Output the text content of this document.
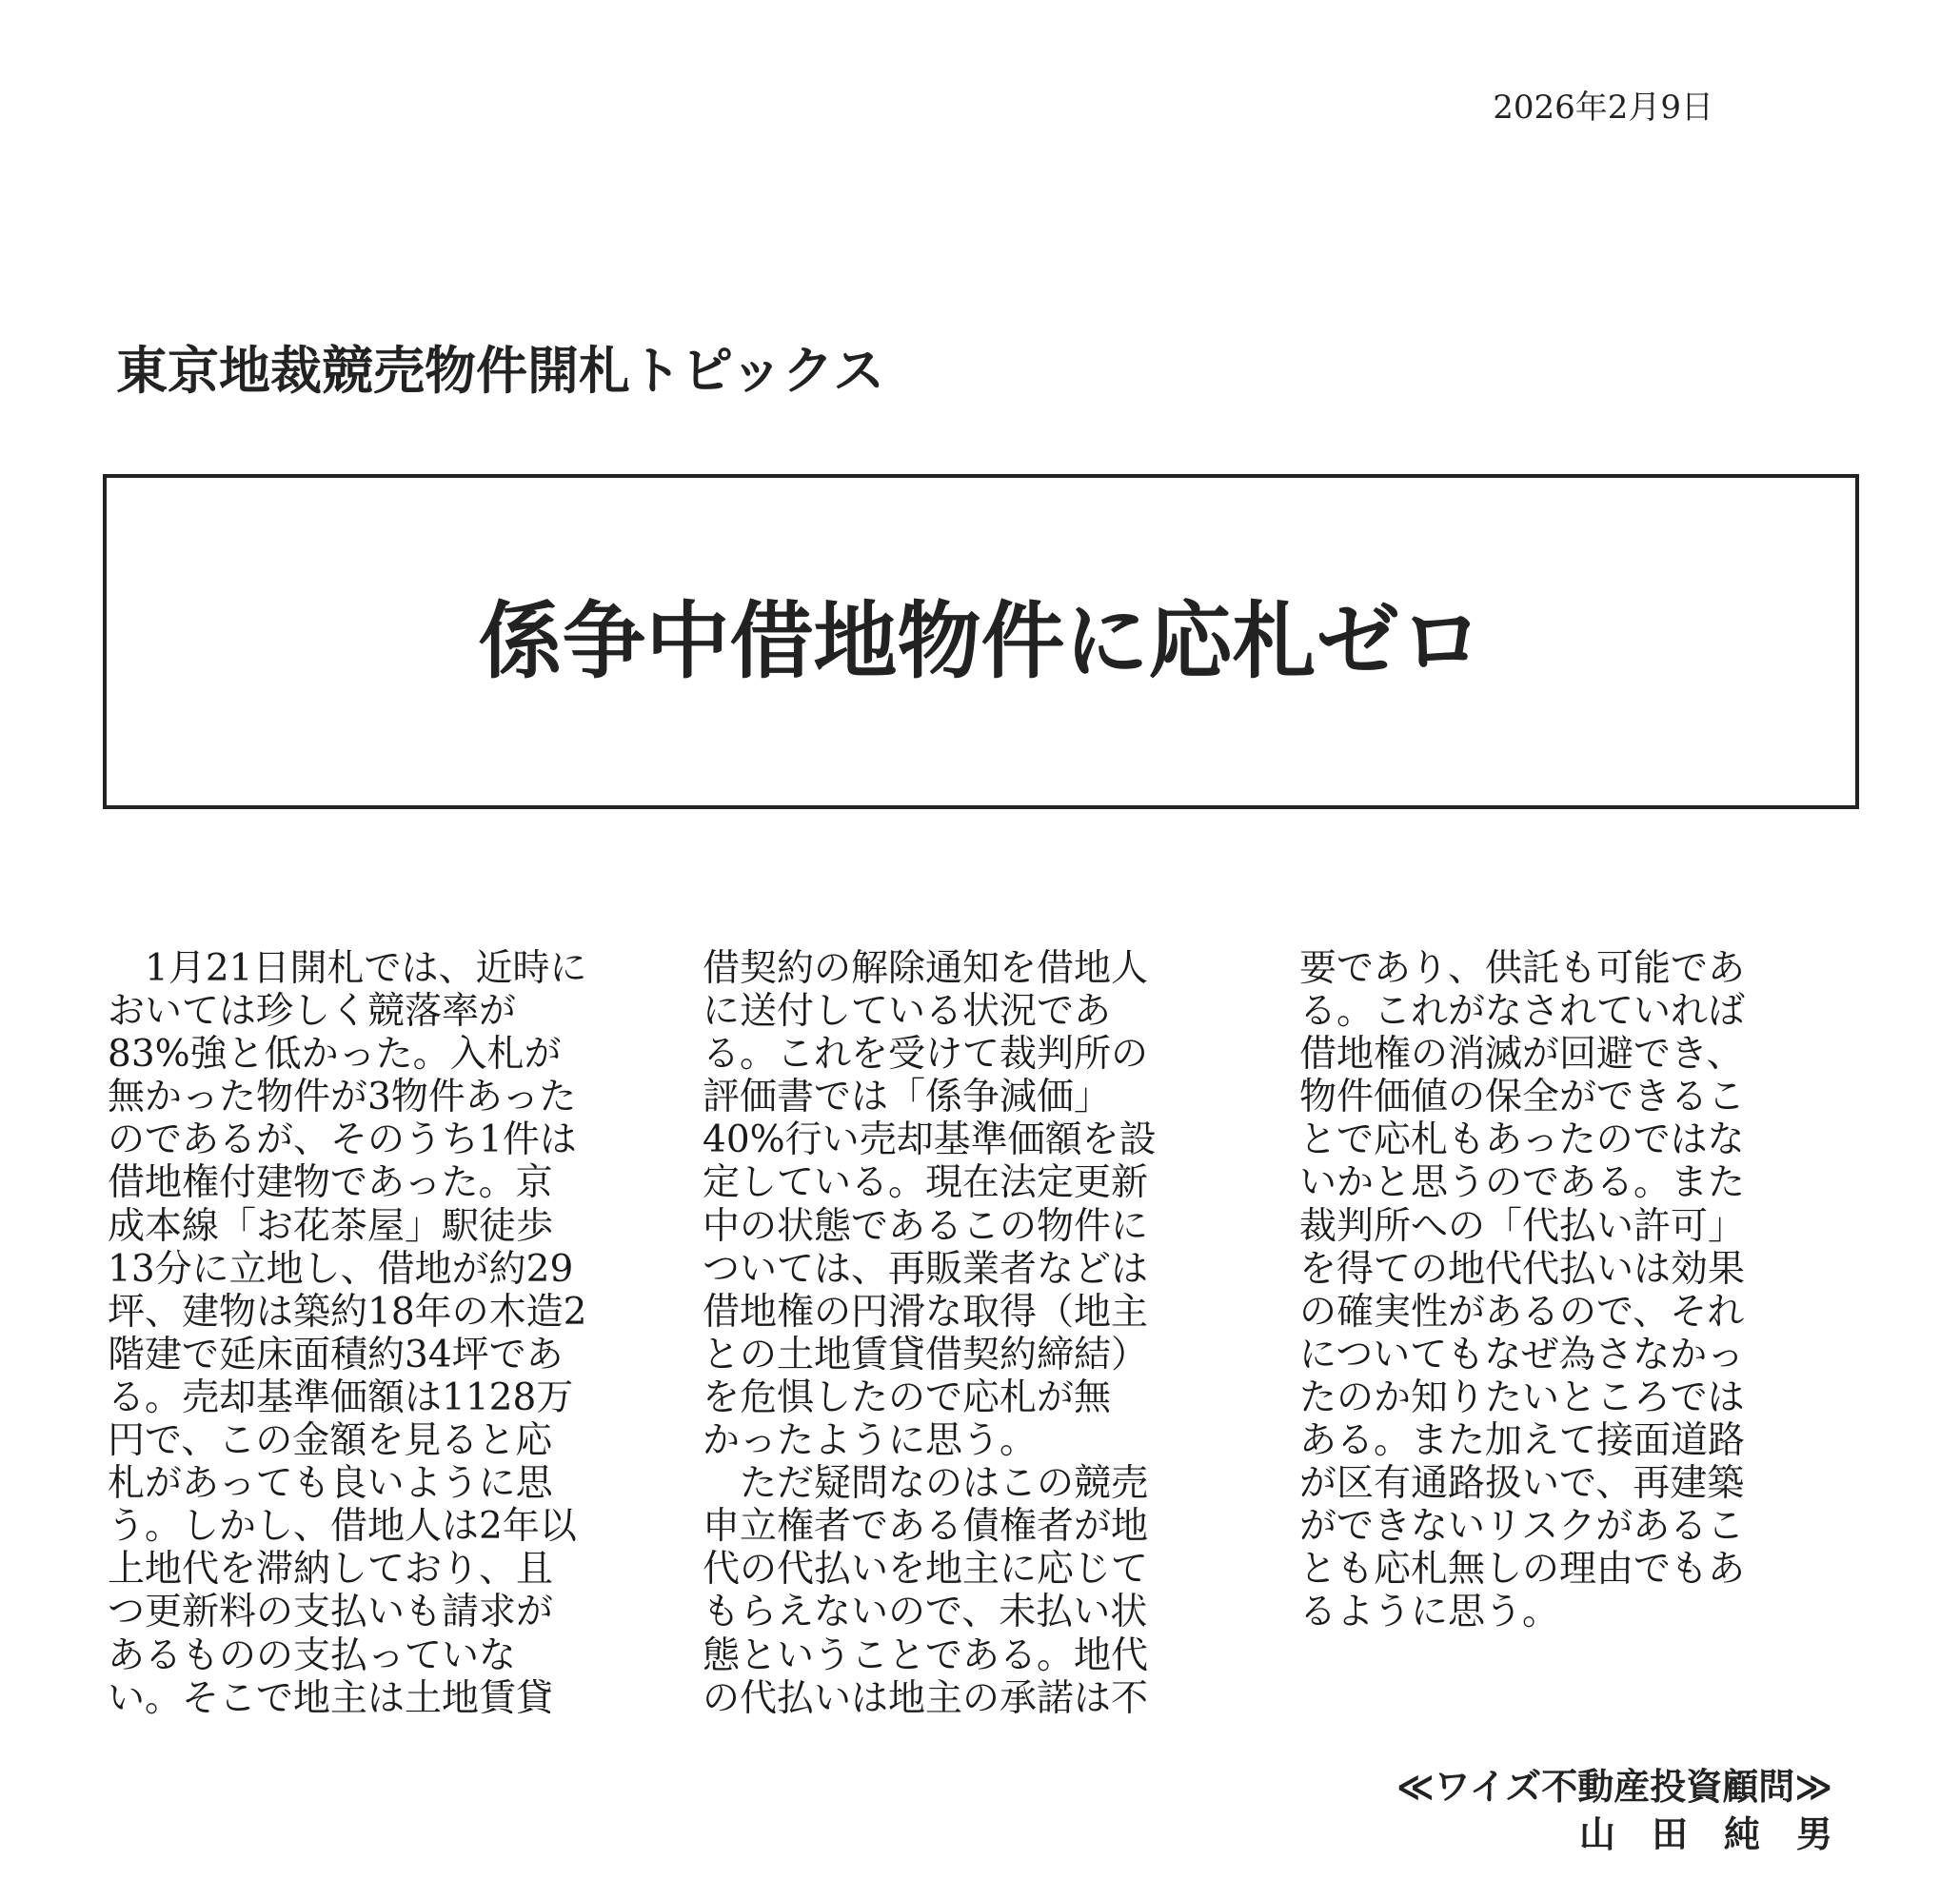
2026年2月9日
東京地裁競売物件開札トピックス
係争中借地物件に応札ゼロ
　1月21日開札では、近時に
おいては珍しく競落率が
83%強と低かった。入札が
無かった物件が3物件あった
のであるが、そのうち1件は
借地権付建物であった。京
成本線「お花茶屋」駅徒歩
13分に立地し、借地が約29
坪、建物は築約18年の木造2
階建で延床面積約34坪であ
る。売却基準価額は1128万
円で、この金額を見ると応
札があっても良いように思
う。しかし、借地人は2年以
上地代を滞納しており、且
つ更新料の支払いも請求が
あるものの支払っていな
い。そこで地主は土地賃貸
借契約の解除通知を借地人
に送付している状況であ
る。これを受けて裁判所の
評価書では「係争減価」
40%行い売却基準価額を設
定している。現在法定更新
中の状態であるこの物件に
ついては、再販業者などは
借地権の円滑な取得（地主
との土地賃貸借契約締結）
を危惧したので応札が無
かったように思う。
　ただ疑問なのはこの競売
申立権者である債権者が地
代の代払いを地主に応じて
もらえないので、未払い状
態ということである。地代
の代払いは地主の承諾は不
要であり、供託も可能であ
る。これがなされていれば
借地権の消滅が回避でき、
物件価値の保全ができるこ
とで応札もあったのではな
いかと思うのである。また
裁判所への「代払い許可」
を得ての地代代払いは効果
の確実性があるので、それ
についてもなぜ為さなかっ
たのか知りたいところでは
ある。また加えて接面道路
が区有通路扱いで、再建築
ができないリスクがあるこ
とも応札無しの理由でもあ
るように思う。
≪ワイズ不動産投資顧問≫
山田純男
